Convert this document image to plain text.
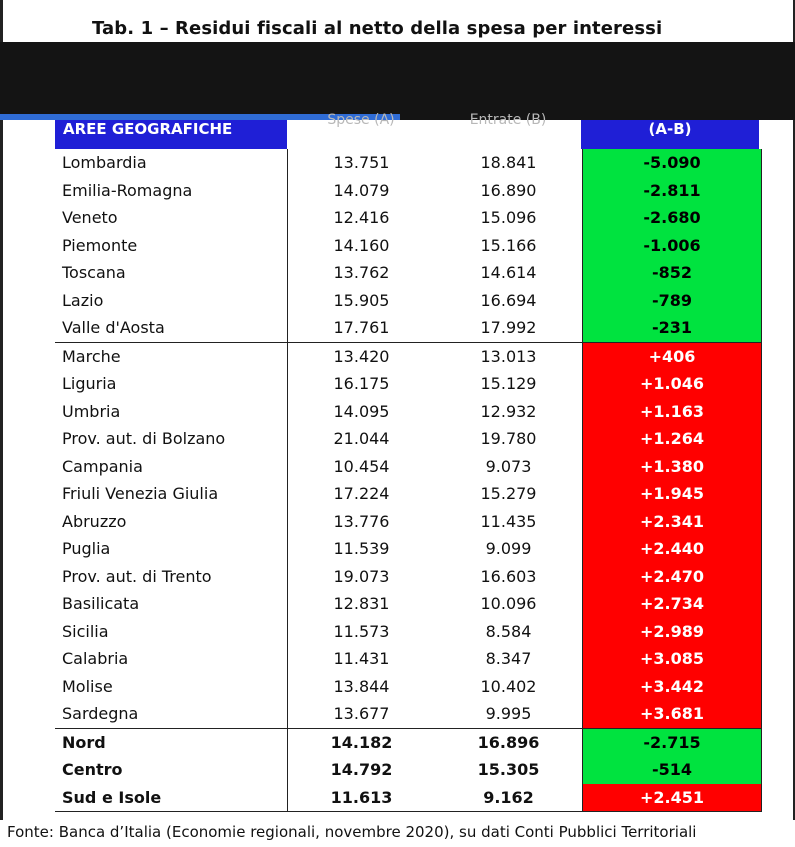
Tab. 1 – Residui fiscali al netto della spesa per interessi
AREE GEOGRAFICHE	Spese (A)	Entrate (B)	(A-B)
Lombardia	13.751	18.841	-5.090
Emilia-Romagna	14.079	16.890	-2.811
Veneto	12.416	15.096	-2.680
Piemonte	14.160	15.166	-1.006
Toscana	13.762	14.614	-852
Lazio	15.905	16.694	-789
Valle d'Aosta	17.761	17.992	-231
Marche	13.420	13.013	+406
Liguria	16.175	15.129	+1.046
Umbria	14.095	12.932	+1.163
Prov. aut. di Bolzano	21.044	19.780	+1.264
Campania	10.454	9.073	+1.380
Friuli Venezia Giulia	17.224	15.279	+1.945
Abruzzo	13.776	11.435	+2.341
Puglia	11.539	9.099	+2.440
Prov. aut. di Trento	19.073	16.603	+2.470
Basilicata	12.831	10.096	+2.734
Sicilia	11.573	8.584	+2.989
Calabria	11.431	8.347	+3.085
Molise	13.844	10.402	+3.442
Sardegna	13.677	9.995	+3.681
Nord	14.182	16.896	-2.715
Centro	14.792	15.305	-514
Sud e Isole	11.613	9.162	+2.451
Fonte: Banca d’Italia (Economie regionali, novembre 2020), su dati Conti Pubblici Territoriali
